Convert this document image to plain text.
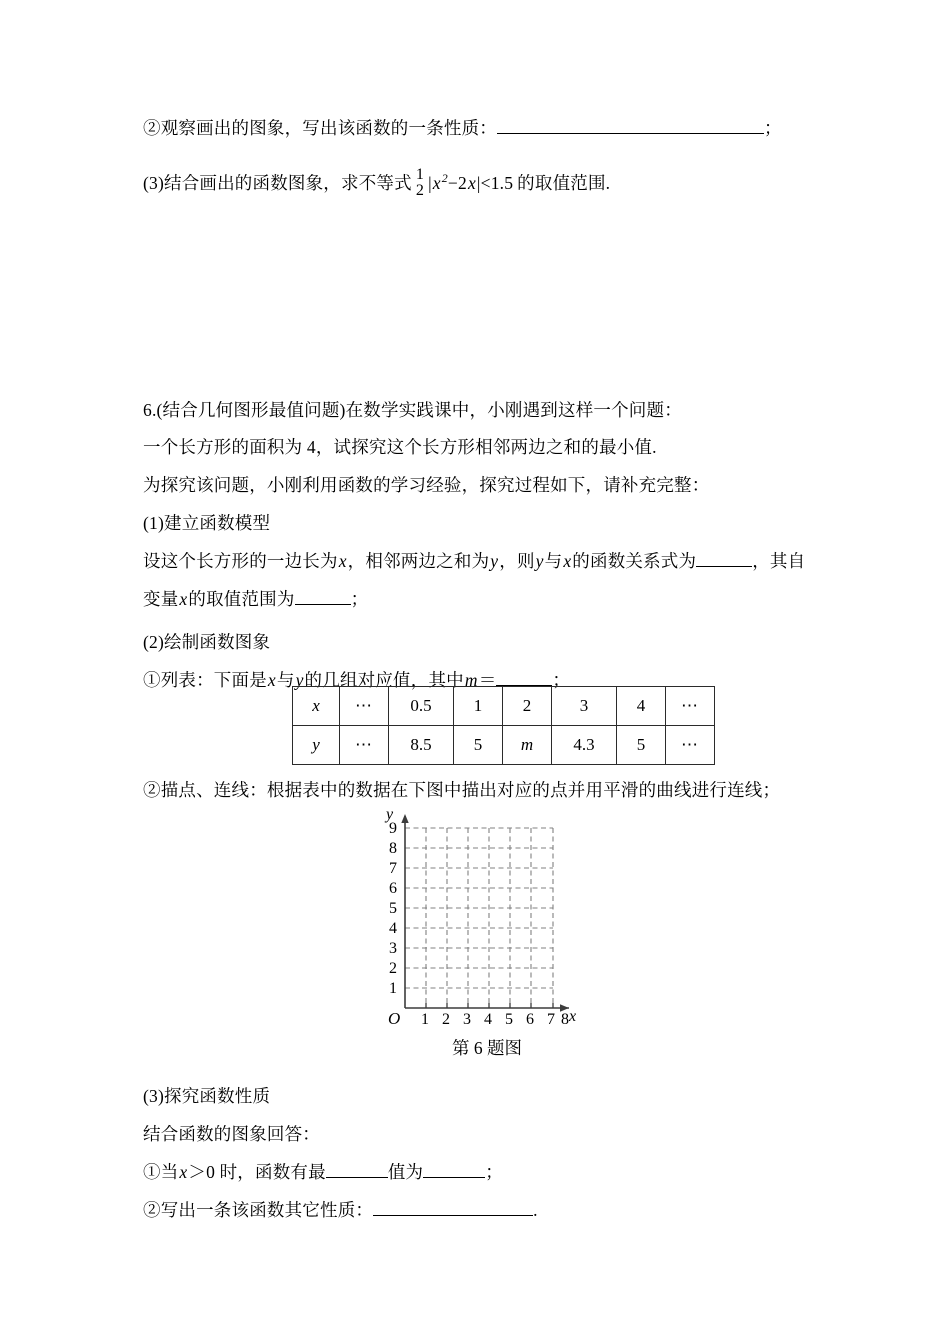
②观察画出的图象，写出该函数的一条性质：	；
(3)结合画出的函数图象，求不等式 1
2 $|x^2-2x|<1.5$ 的取值范围.
6.(结合几何图形最值问题)在数学实践课中，小刚遇到这样一个问题：
一个长方形的面积为 4，试探究这个长方形相邻两边之和的最小值.
为探究该问题，小刚利用函数的学习经验，探究过程如下，请补充完整：
(1)建立函数模型
设这个长方形的一边长为x，相邻两边之和为y，则y与x的函数关系式为	，其自
变量x的取值范围为	；
(2)绘制函数图象
①列表：下面是x与y的几组对应值，其中m＝	；
x	⋯	0.5	1	2	3	4	⋯
y	⋯	8.5	5	m	4.3	5	⋯
②描点、连线：根据表中的数据在下图中描出对应的点并用平滑的曲线进行连线；
y
x
O
9
8
7
6
5
4
3
2
1
1 2 3 4 5 6 7 8
第 6 题图
(3)探究函数性质
结合函数的图象回答：
①当x＞0 时，函数有最	值为	；
②写出一条该函数其它性质：	.
